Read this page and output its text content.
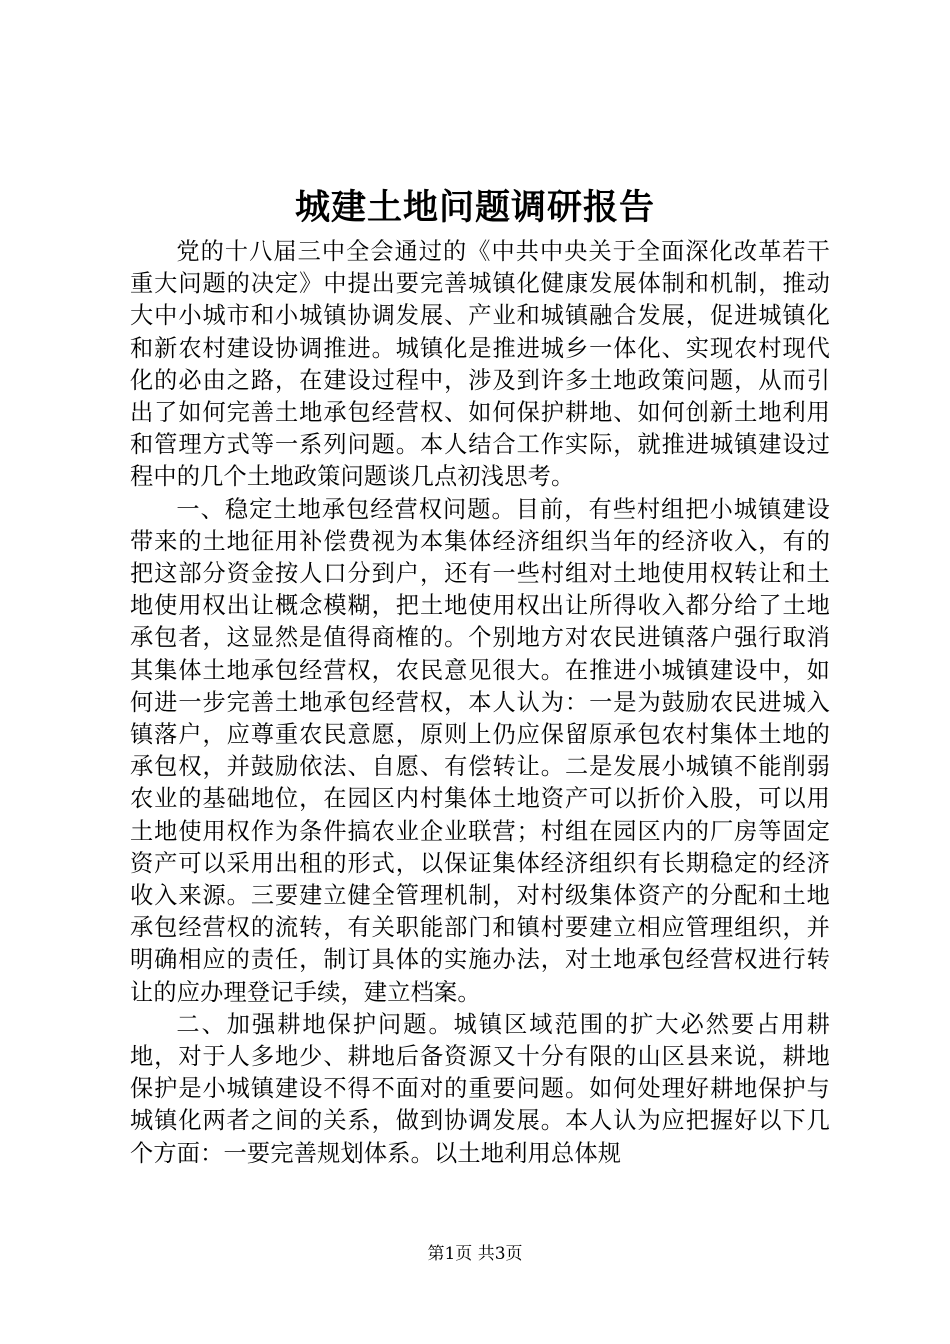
城建土地问题调研报告

党的十八届三中全会通过的《中共中央关于全面深化改革若干重大问题的决定》中提出要完善城镇化健康发展体制和机制，推动大中小城市和小城镇协调发展、产业和城镇融合发展，促进城镇化和新农村建设协调推进。城镇化是推进城乡一体化、实现农村现代化的必由之路，在建设过程中，涉及到许多土地政策问题，从而引出了如何完善土地承包经营权、如何保护耕地、如何创新土地利用和管理方式等一系列问题。本人结合工作实际，就推进城镇建设过程中的几个土地政策问题谈几点初浅思考。

一、稳定土地承包经营权问题。目前，有些村组把小城镇建设带来的土地征用补偿费视为本集体经济组织当年的经济收入，有的把这部分资金按人口分到户，还有一些村组对土地使用权转让和土地使用权出让概念模糊，把土地使用权出让所得收入都分给了土地承包者，这显然是值得商榷的。个别地方对农民进镇落户强行取消其集体土地承包经营权，农民意见很大。在推进小城镇建设中，如何进一步完善土地承包经营权，本人认为：一是为鼓励农民进城入镇落户，应尊重农民意愿，原则上仍应保留原承包农村集体土地的承包权，并鼓励依法、自愿、有偿转让。二是发展小城镇不能削弱农业的基础地位，在园区内村集体土地资产可以折价入股，可以用土地使用权作为条件搞农业企业联营；村组在园区内的厂房等固定资产可以采用出租的形式，以保证集体经济组织有长期稳定的经济收入来源。三要建立健全管理机制，对村级集体资产的分配和土地承包经营权的流转，有关职能部门和镇村要建立相应管理组织，并明确相应的责任，制订具体的实施办法，对土地承包经营权进行转让的应办理登记手续，建立档案。

二、加强耕地保护问题。城镇区域范围的扩大必然要占用耕地，对于人多地少、耕地后备资源又十分有限的山区县来说，耕地保护是小城镇建设不得不面对的重要问题。如何处理好耕地保护与城镇化两者之间的关系，做到协调发展。本人认为应把握好以下几个方面：一要完善规划体系。以土地利用总体规

第1页 共3页
